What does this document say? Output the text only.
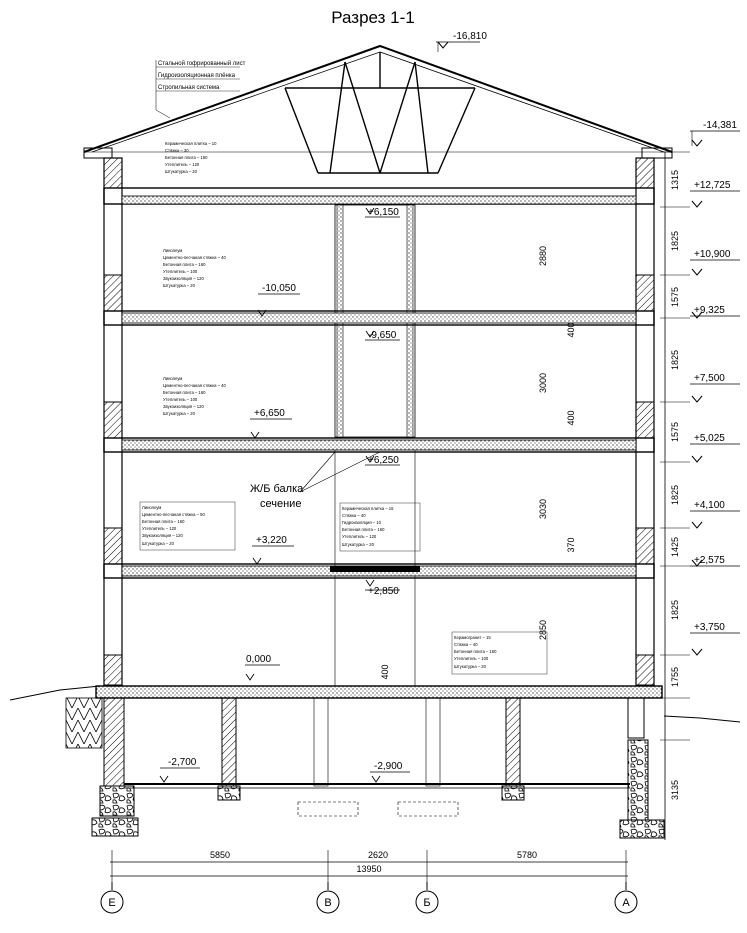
Разрез 1-1
Стальной гофрированный лист
Гидроизоляционная плёнка
Стропильная система
-16,810
-14,381
+12,725
+10,900
+9,325
+7,500
+5,025
+4,100
+2,575
+3,750
1315
1825
1575
1825
1575
1825
1425
1825
1755
3135
+6,150
-10,050
-9,650
+6,650
+6,250
+3,220
+2,850
0,000
-2,700	-2,900
2880
3000
3030
2850
400
400
370
400
Керамическая плитка – 10
Стяжка – 30
Бетонная плита – 160
Утеплитель – 120
Штукатурка – 20
Линолеум
Цементно-песчаная стяжка – 40
Бетонная плита – 160
Утеплитель – 100
Звукоизоляция – 120
Штукатурка – 20
Линолеум
Цементно-песчаная стяжка – 40
Бетонная плита – 160
Утеплитель – 100
Звукоизоляция – 120
Штукатурка – 20
Линолеум
Цементно-песчаная стяжка – 50
Бетонная плита – 160
Утеплитель – 120
Звукоизоляция – 120
Штукатурка – 20
Керамическая плитка – 15
Стяжка – 40
Гидроизоляция – 10
Бетонная плита – 160
Утеплитель – 120
Штукатурка – 20
Керамогранит – 15
Стяжка – 40
Бетонная плита – 160
Утеплитель – 100
Штукатурка – 20
Ж/Б балка
сечение
5850	2620	5780
13950
Е	В	Б	А
